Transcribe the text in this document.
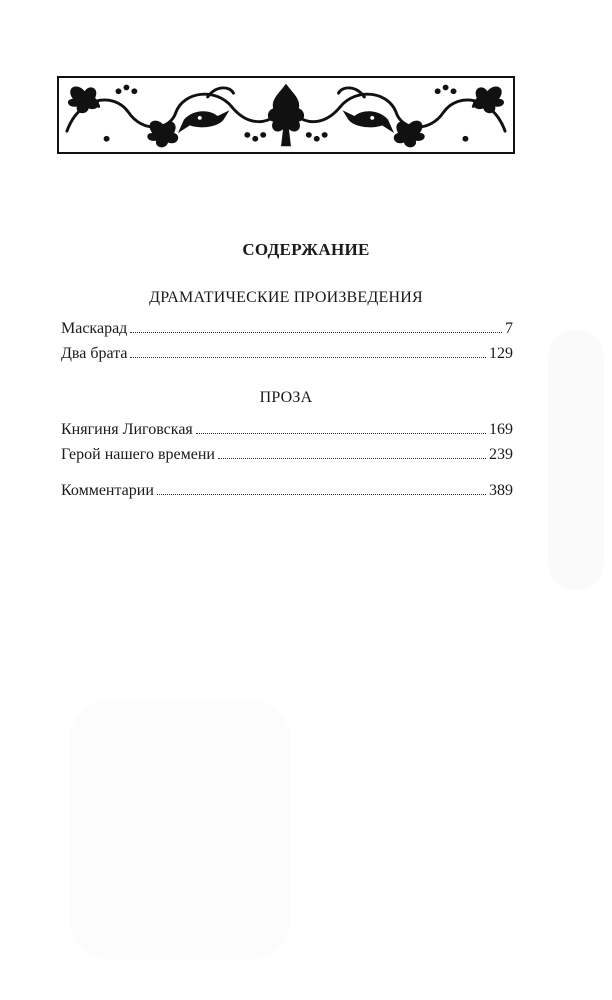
СОДЕРЖАНИЕ
ДРАМАТИЧЕСКИЕ ПРОИЗВЕДЕНИЯ
Маскарад	7
Два брата	129
ПРОЗА
Княгиня Лиговская	169
Герой нашего времени	239
Комментарии	389
